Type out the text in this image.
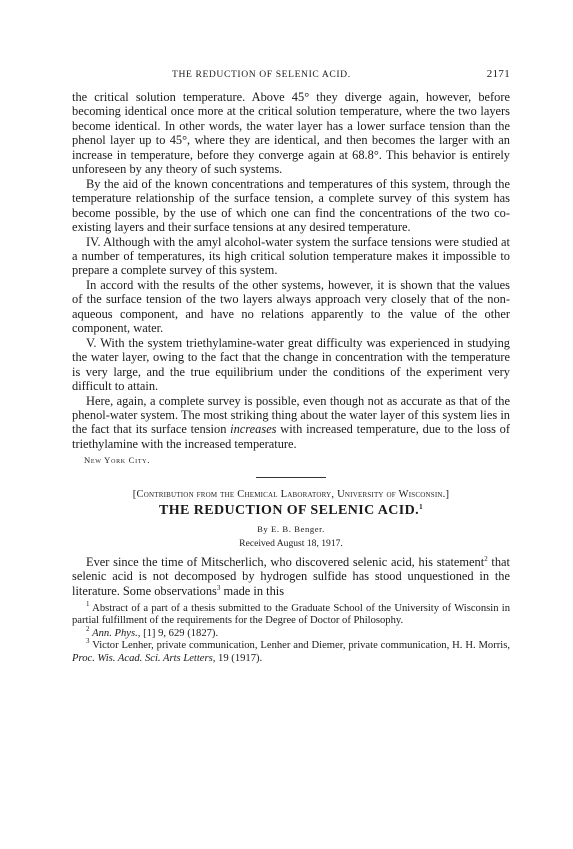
THE REDUCTION OF SELENIC ACID.	2171

the critical solution temperature. Above 45° they diverge again, however, before becoming identical once more at the critical solution temperature, where the two layers become identical. In other words, the water layer has a lower surface tension than the phenol layer up to 45°, where they are identical, and then becomes the larger with an increase in temperature, before they converge again at 68.8°. This behavior is entirely unforeseen by any theory of such systems.

By the aid of the known concentrations and temperatures of this system, through the temperature relationship of the surface tension, a complete survey of this system has become possible, by the use of which one can find the concentrations of the two co-existing layers and their surface tensions at any desired temperature.

IV. Although with the amyl alcohol-water system the surface tensions were studied at a number of temperatures, its high critical solution temperature makes it impossible to prepare a complete survey of this system.

In accord with the results of the other systems, however, it is shown that the values of the surface tension of the two layers always approach very closely that of the non-aqueous component, and have no relations apparently to the value of the other component, water.

V. With the system triethylamine-water great difficulty was experienced in studying the water layer, owing to the fact that the change in concentration with the temperature is very large, and the true equilibrium under the conditions of the experiment very difficult to attain.

Here, again, a complete survey is possible, even though not as accurate as that of the phenol-water system. The most striking thing about the water layer of this system lies in the fact that its surface tension increases with increased temperature, due to the loss of triethylamine with the increased temperature.

New York City.
[Contribution from the Chemical Laboratory, University of Wisconsin.]
THE REDUCTION OF SELENIC ACID.$^1$
By E. B. Benger.
Received August 18, 1917.

Ever since the time of Mitscherlich, who discovered selenic acid, his statement$^2$ that selenic acid is not decomposed by hydrogen sulfide has stood unquestioned in the literature. Some observations$^3$ made in this

$^1$ Abstract of a part of a thesis submitted to the Graduate School of the University of Wisconsin in partial fulfillment of the requirements for the Degree of Doctor of Philosophy.

$^2$ Ann. Phys., [1] 9, 629 (1827).

$^3$ Victor Lenher, private communication, Lenher and Diemer, private communication, H. H. Morris, Proc. Wis. Acad. Sci. Arts Letters, 19 (1917).
